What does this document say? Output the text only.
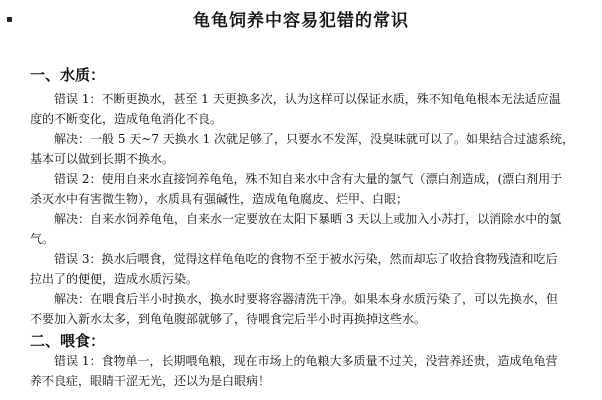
▪	龟龟饲养中容易犯错的常识
一、水质：
错误 1：不断更换水，甚至 1 天更换多次，认为这样可以保证水质，殊不知龟龟根本无法适应温
度的不断变化，造成龟龟消化不良。
解决：一般 5 天~7 天换水 1 次就足够了，只要水不发浑，没臭味就可以了。如果结合过滤系统，
基本可以做到长期不换水。
错误 2：使用自来水直接饲养龟龟，殊不知自来水中含有大量的氯气（漂白剂造成，(漂白剂用于
杀灭水中有害微生物），水质具有强碱性，造成龟龟腐皮、烂甲、白眼；
解决：自来水饲养龟龟，自来水一定要放在太阳下暴晒 3 天以上或加入小苏打，以消除水中的氯
气。
错误 3：换水后喂食，觉得这样龟龟吃的食物不至于被水污染，然而却忘了收拾食物残渣和吃后
拉出了的便便，造成水质污染。
解决：在喂食后半小时换水，换水时要将容器清洗干净。如果本身水质污染了，可以先换水，但
不要加入新水太多，到龟龟腹部就够了，待喂食完后半小时再换掉这些水。
二、喂食：
错误 1：食物单一，长期喂龟粮，现在市场上的龟粮大多质量不过关，没营养还贵，造成龟龟营
养不良症，眼睛干涩无光，还以为是白眼病！
